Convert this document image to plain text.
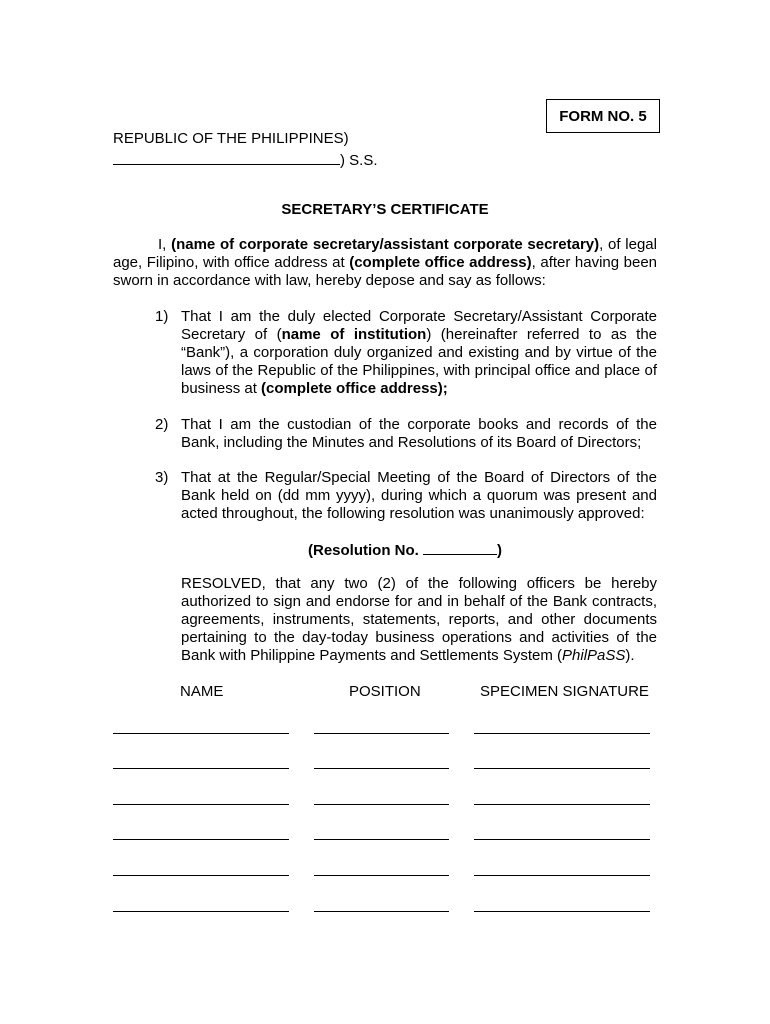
FORM NO. 5
REPUBLIC OF THE PHILIPPINES)
) S.S.
SECRETARY’S CERTIFICATE
I, (name of corporate secretary/assistant corporate secretary), of legal age, Filipino, with office address at (complete office address), after having been sworn in accordance with law, hereby depose and say as follows:
1) That I am the duly elected Corporate Secretary/Assistant Corporate Secretary of (name of institution) (hereinafter referred to as the “Bank”), a corporation duly organized and existing and by virtue of the laws of the Republic of the Philippines, with principal office and place of business at (complete office address);
2) That I am the custodian of the corporate books and records of the Bank, including the Minutes and Resolutions of its Board of Directors;
3) That at the Regular/Special Meeting of the Board of Directors of the Bank held on (dd mm yyyy), during which a quorum was present and acted throughout, the following resolution was unanimously approved:
(Resolution No.	)
RESOLVED, that any two (2) of the following officers be hereby authorized to sign and endorse for and in behalf of the Bank contracts, agreements, instruments, statements, reports, and other documents pertaining to the day-today business operations and activities of the Bank with Philippine Payments and Settlements System (PhilPaSS).
NAME	POSITION	SPECIMEN SIGNATURE
